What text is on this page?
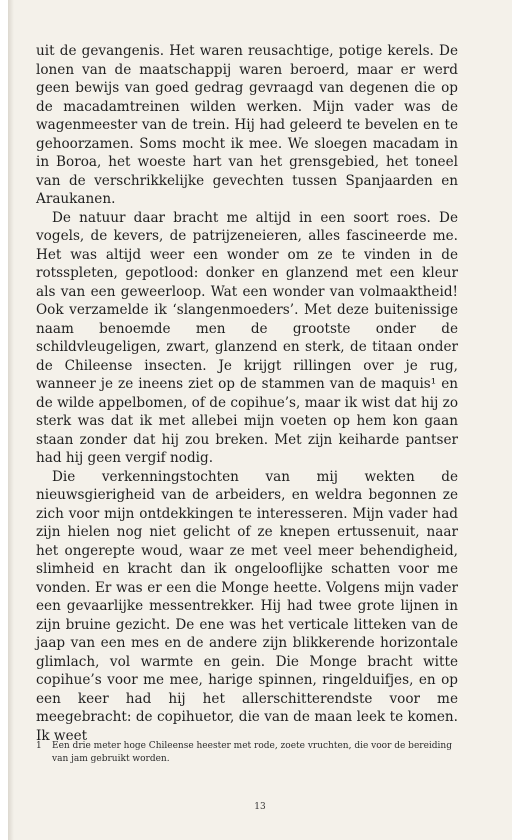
uit de gevangenis. Het waren reusachtige, potige kerels. De lonen van de maatschappij waren beroerd, maar er werd geen bewijs van goed gedrag gevraagd van degenen die op de macadamtreinen wilden werken. Mijn vader was de wagenmeester van de trein. Hij had geleerd te bevelen en te gehoorzamen. Soms mocht ik mee. We sloegen macadam in in Boroa, het woeste hart van het grensgebied, het toneel van de verschrikkelijke gevechten tussen Spanjaarden en Araukanen.

De natuur daar bracht me altijd in een soort roes. De vogels, de kevers, de patrijzeneieren, alles fascineerde me. Het was altijd weer een wonder om ze te vinden in de rotsspleten, gepotlood: donker en glanzend met een kleur als van een geweerloop. Wat een wonder van volmaaktheid! Ook verzamelde ik ‘slangenmoeders’. Met deze buitenissige naam benoemde men de grootste onder de schildvleugeligen, zwart, glanzend en sterk, de titaan onder de Chileense insecten. Je krijgt rillingen over je rug, wanneer je ze ineens ziet op de stammen van de maquis¹ en de wilde appelbomen, of de copihue’s, maar ik wist dat hij zo sterk was dat ik met allebei mijn voeten op hem kon gaan staan zonder dat hij zou breken. Met zijn keiharde pantser had hij geen vergif nodig.

Die verkenningstochten van mij wekten de nieuwsgierigheid van de arbeiders, en weldra begonnen ze zich voor mijn ontdekkingen te interesseren. Mijn vader had zijn hielen nog niet gelicht of ze knepen ertussenuit, naar het ongerepte woud, waar ze met veel meer behendigheid, slimheid en kracht dan ik ongelooflijke schatten voor me vonden. Er was er een die Monge heette. Volgens mijn vader een gevaarlijke messentrekker. Hij had twee grote lijnen in zijn bruine gezicht. De ene was het verticale litteken van de jaap van een mes en de andere zijn blikkerende horizontale glimlach, vol warmte en gein. Die Monge bracht witte copihue’s voor me mee, harige spinnen, ringelduifjes, en op een keer had hij het allerschitterendste voor me meegebracht: de copihuetor, die van de maan leek te komen. Ik weet

1 Een drie meter hoge Chileense heester met rode, zoete vruchten, die voor de bereiding van jam gebruikt worden.
13
